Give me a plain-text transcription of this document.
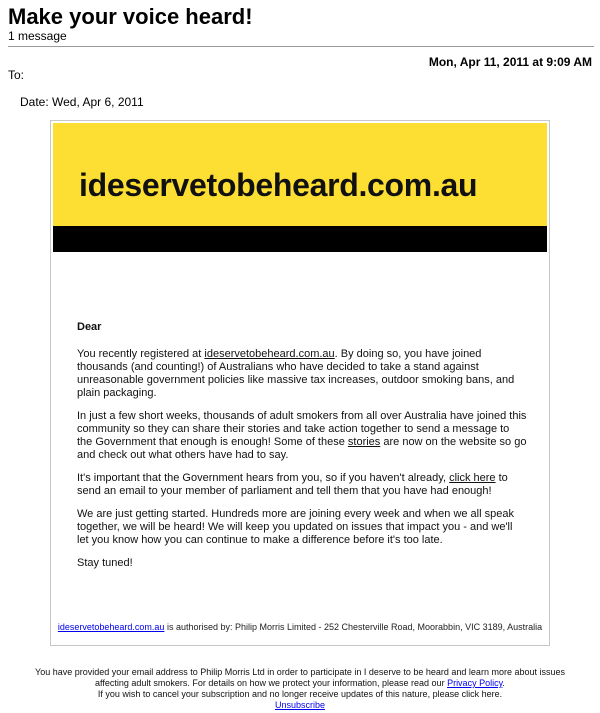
Make your voice heard!
1 message
Mon, Apr 11, 2011 at 9:09 AM
To:
Date: Wed, Apr 6, 2011
ideservetobeheard.com.au
Dear

You recently registered at ideservetobeheard.com.au. By doing so, you have joined thousands (and counting!) of Australians who have decided to take a stand against unreasonable government policies like massive tax increases, outdoor smoking bans, and plain packaging.

In just a few short weeks, thousands of adult smokers from all over Australia have joined this community so they can share their stories and take action together to send a message to the Government that enough is enough! Some of these stories are now on the website so go and check out what others have had to say.

It's important that the Government hears from you, so if you haven't already, click here to send an email to your member of parliament and tell them that you have had enough!

We are just getting started. Hundreds more are joining every week and when we all speak together, we will be heard! We will keep you updated on issues that impact you - and we'll let you know how you can continue to make a difference before it's too late.

Stay tuned!

ideservetobeheard.com.au is authorised by: Philip Morris Limited - 252 Chesterville Road, Moorabbin, VIC 3189, Australia
You have provided your email address to Philip Morris Ltd in order to participate in I deserve to be heard and learn more about issues affecting adult smokers. For details on how we protect your information, please read our Privacy Policy.
If you wish to cancel your subscription and no longer receive updates of this nature, please click here.
Unsubscribe
